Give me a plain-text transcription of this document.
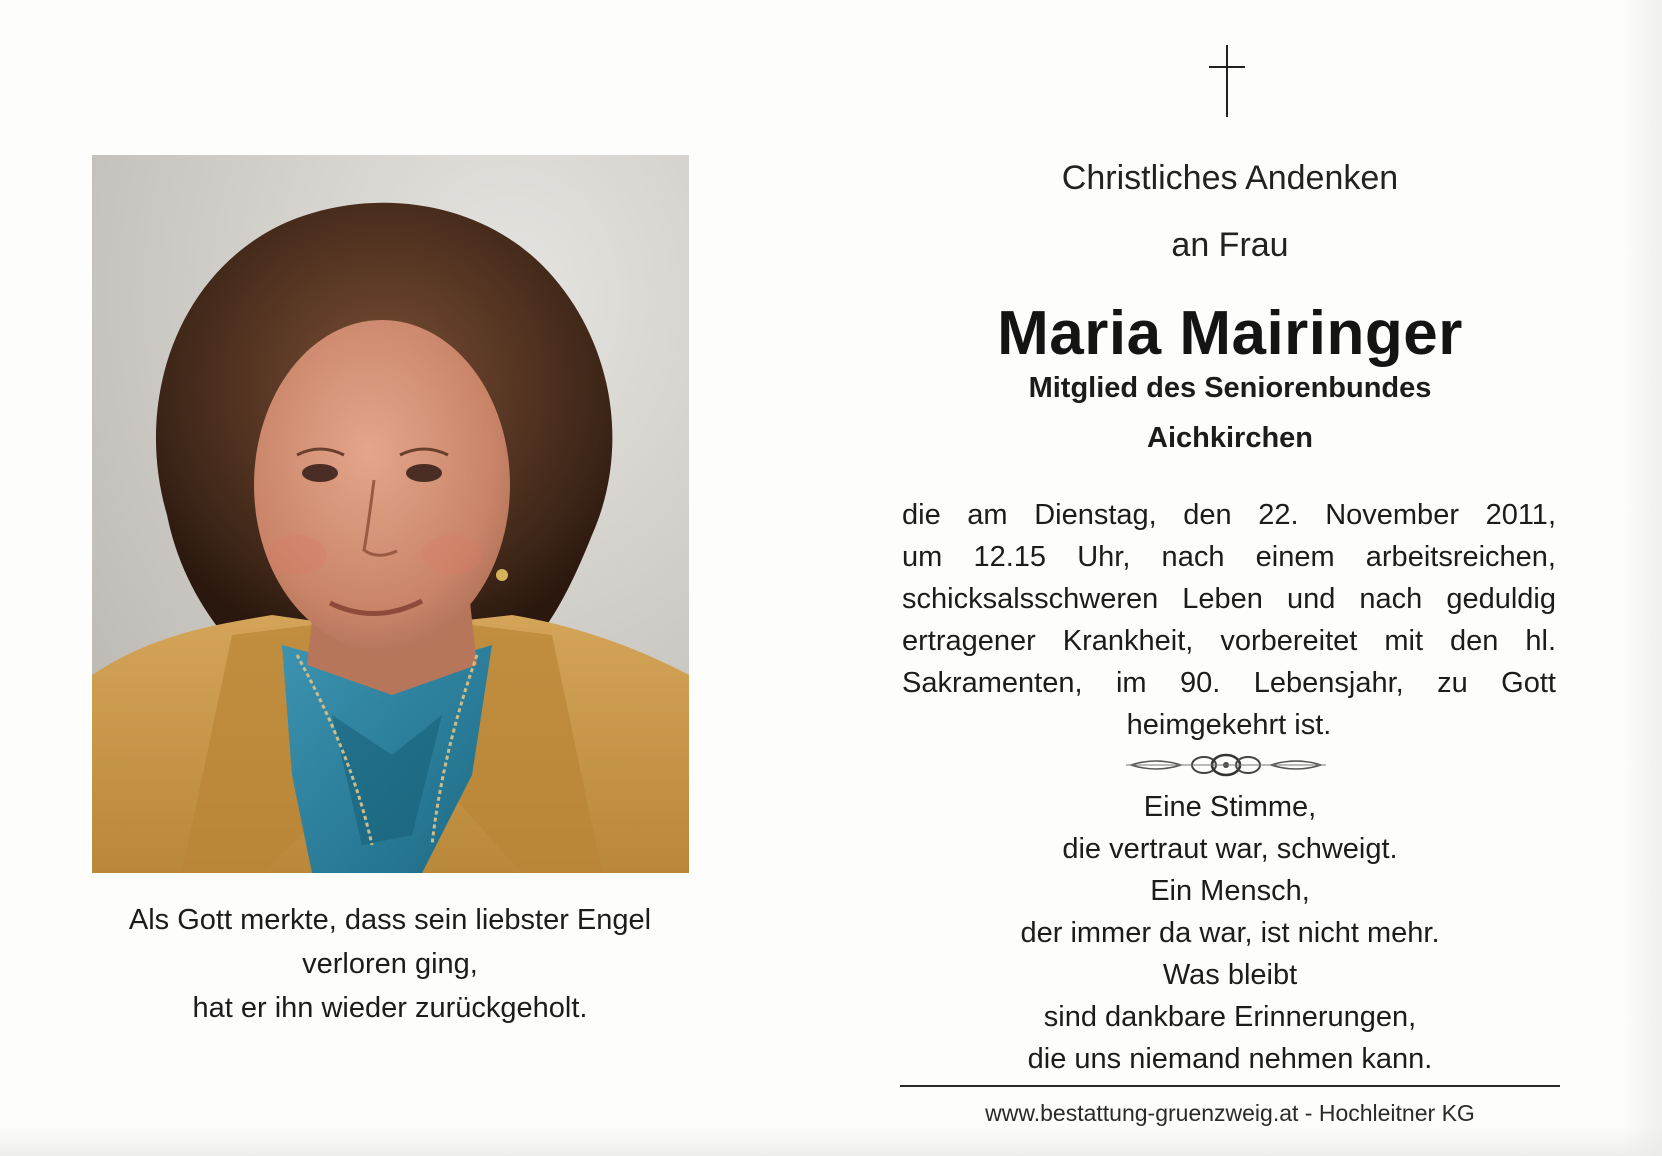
Als Gott merkte, dass sein liebster Engel
verloren ging,
hat er ihn wieder zurückgeholt.
Christliches Andenken
an Frau
Maria Mairinger
Mitglied des Seniorenbundes
Aichkirchen
die am Dienstag, den 22. November 2011,
um 12.15 Uhr, nach einem arbeitsreichen,
schicksalsschweren Leben und nach geduldig
ertragener Krankheit, vorbereitet mit den hl.
Sakramenten, im 90. Lebensjahr, zu Gott
heimgekehrt ist.
Eine Stimme,
die vertraut war, schweigt.
Ein Mensch,
der immer da war, ist nicht mehr.
Was bleibt
sind dankbare Erinnerungen,
die uns niemand nehmen kann.
www.bestattung-gruenzweig.at - Hochleitner KG
